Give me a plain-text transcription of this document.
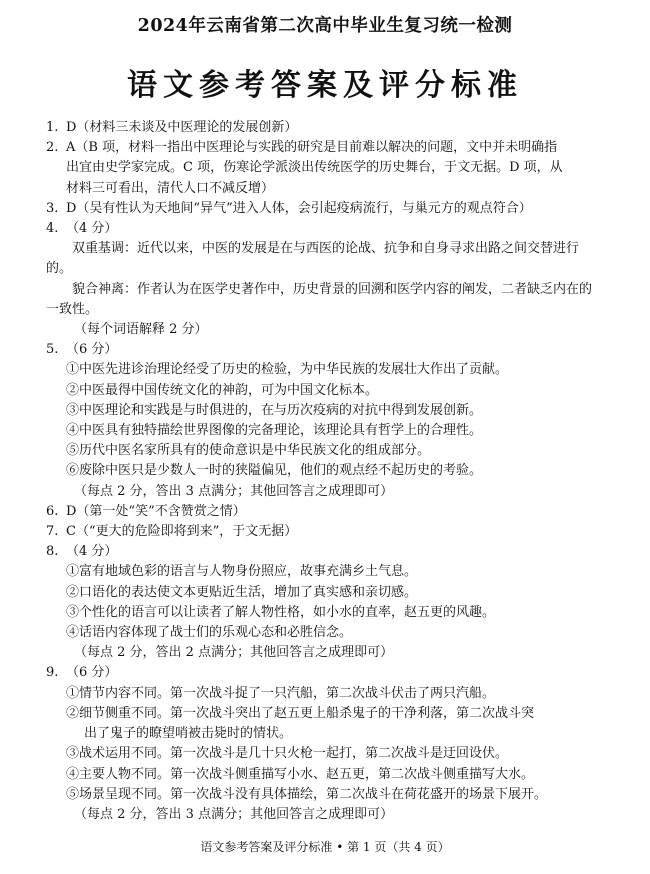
2024年云南省第二次高中毕业生复习统一检测
语文参考答案及评分标准
1. D（材料三未谈及中医理论的发展创新）
2. A（B 项，材料一指出中医理论与实践的研究是目前难以解决的问题，文中并未明确指
出宜由史学家完成。C 项，伤寒论学派淡出传统医学的历史舞台，于文无据。D 项，从
材料三可看出，清代人口不减反增）
3. D（吴有性认为天地间“异气”进入人体，会引起疫病流行，与巢元方的观点符合）
4. （4 分）
双重基调：近代以来，中医的发展是在与西医的论战、抗争和自身寻求出路之间交替进行的。
貌合神离：作者认为在医学史著作中，历史背景的回溯和医学内容的阐发，二者缺乏内在的一致性。
（每个词语解释 2 分）
5. （6 分）
①中医先进诊治理论经受了历史的检验，为中华民族的发展壮大作出了贡献。
②中医最得中国传统文化的神韵，可为中国文化标本。
③中医理论和实践是与时俱进的，在与历次疫病的对抗中得到发展创新。
④中医具有独特描绘世界图像的完备理论，该理论具有哲学上的合理性。
⑤历代中医名家所具有的使命意识是中华民族文化的组成部分。
⑥废除中医只是少数人一时的狭隘偏见，他们的观点经不起历史的考验。
（每点 2 分，答出 3 点满分；其他回答言之成理即可）
6. D（第一处“笑”不含赞赏之情）
7. C（“更大的危险即将到来”，于文无据）
8. （4 分）
①富有地域色彩的语言与人物身份照应，故事充满乡土气息。
②口语化的表达使文本更贴近生活，增加了真实感和亲切感。
③个性化的语言可以让读者了解人物性格，如小水的直率，赵五更的风趣。
④话语内容体现了战士们的乐观心态和必胜信念。
（每点 2 分，答出 2 点满分；其他回答言之成理即可）
9. （6 分）
①情节内容不同。第一次战斗捉了一只汽船，第二次战斗伏击了两只汽船。
②细节侧重不同。第一次战斗突出了赵五更上船杀鬼子的干净利落，第二次战斗突
出了鬼子的瞭望哨被击毙时的情状。
③战术运用不同。第一次战斗是几十只火枪一起打，第二次战斗是迂回设伏。
④主要人物不同。第一次战斗侧重描写小水、赵五更，第二次战斗侧重描写大水。
⑤场景呈现不同。第一次战斗没有具体描绘，第二次战斗在荷花盛开的场景下展开。
（每点 2 分，答出 3 点满分；其他回答言之成理即可）
语文参考答案及评分标准 • 第 1 页（共 4 页）
